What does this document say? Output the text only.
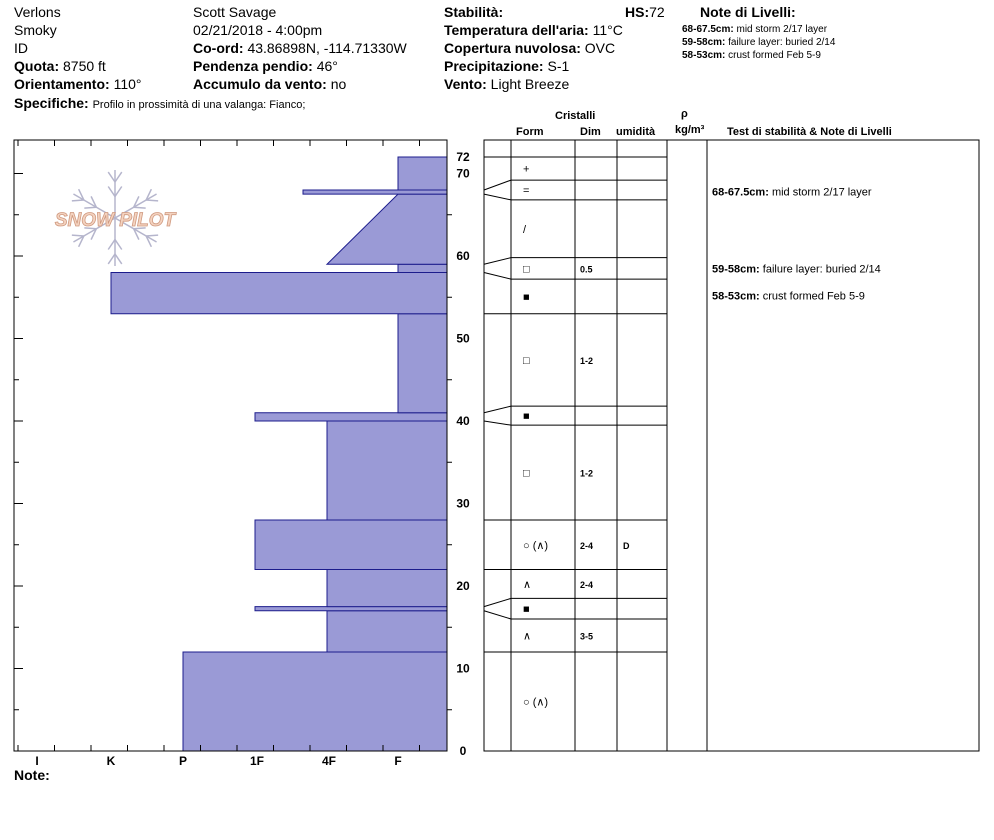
Verlons
Smoky
ID
Quota: 8750 ft
Orientamento: 110°
Specifiche: Profilo in prossimità di una valanga: Fianco;
Scott Savage
02/21/2018 - 4:00pm
Co-ord: 43.86898N, -114.71330W
Pendenza pendio: 46°
Accumulo da vento: no
Stabilità:	HS:72
Temperatura dell'aria: 11°C
Copertura nuvolosa: OVC
Precipitazione: S-1
Vento: Light Breeze
Note di Livelli:
68-67.5cm: mid storm 2/17 layer
59-58cm: failure layer: buried 2/14
58-53cm: crust formed Feb 5-9
Cristalli
Form	Dim umidità
ρ
kg/m³ Test di stabilità & Note di Livelli
Note:
SNOW PILOT
0
10
20
30
40
50
60
70
72
I	K	P	1F	4F	F
○ (∧)
∧	3-5
■
∧	2-4
○ (∧)	2-4	D
□	1-2
■
□	1-2
■
□	0.5
/
=
+
68-67.5cm: mid storm 2/17 layer
59-58cm: failure layer: buried 2/14
58-53cm: crust formed Feb 5-9
